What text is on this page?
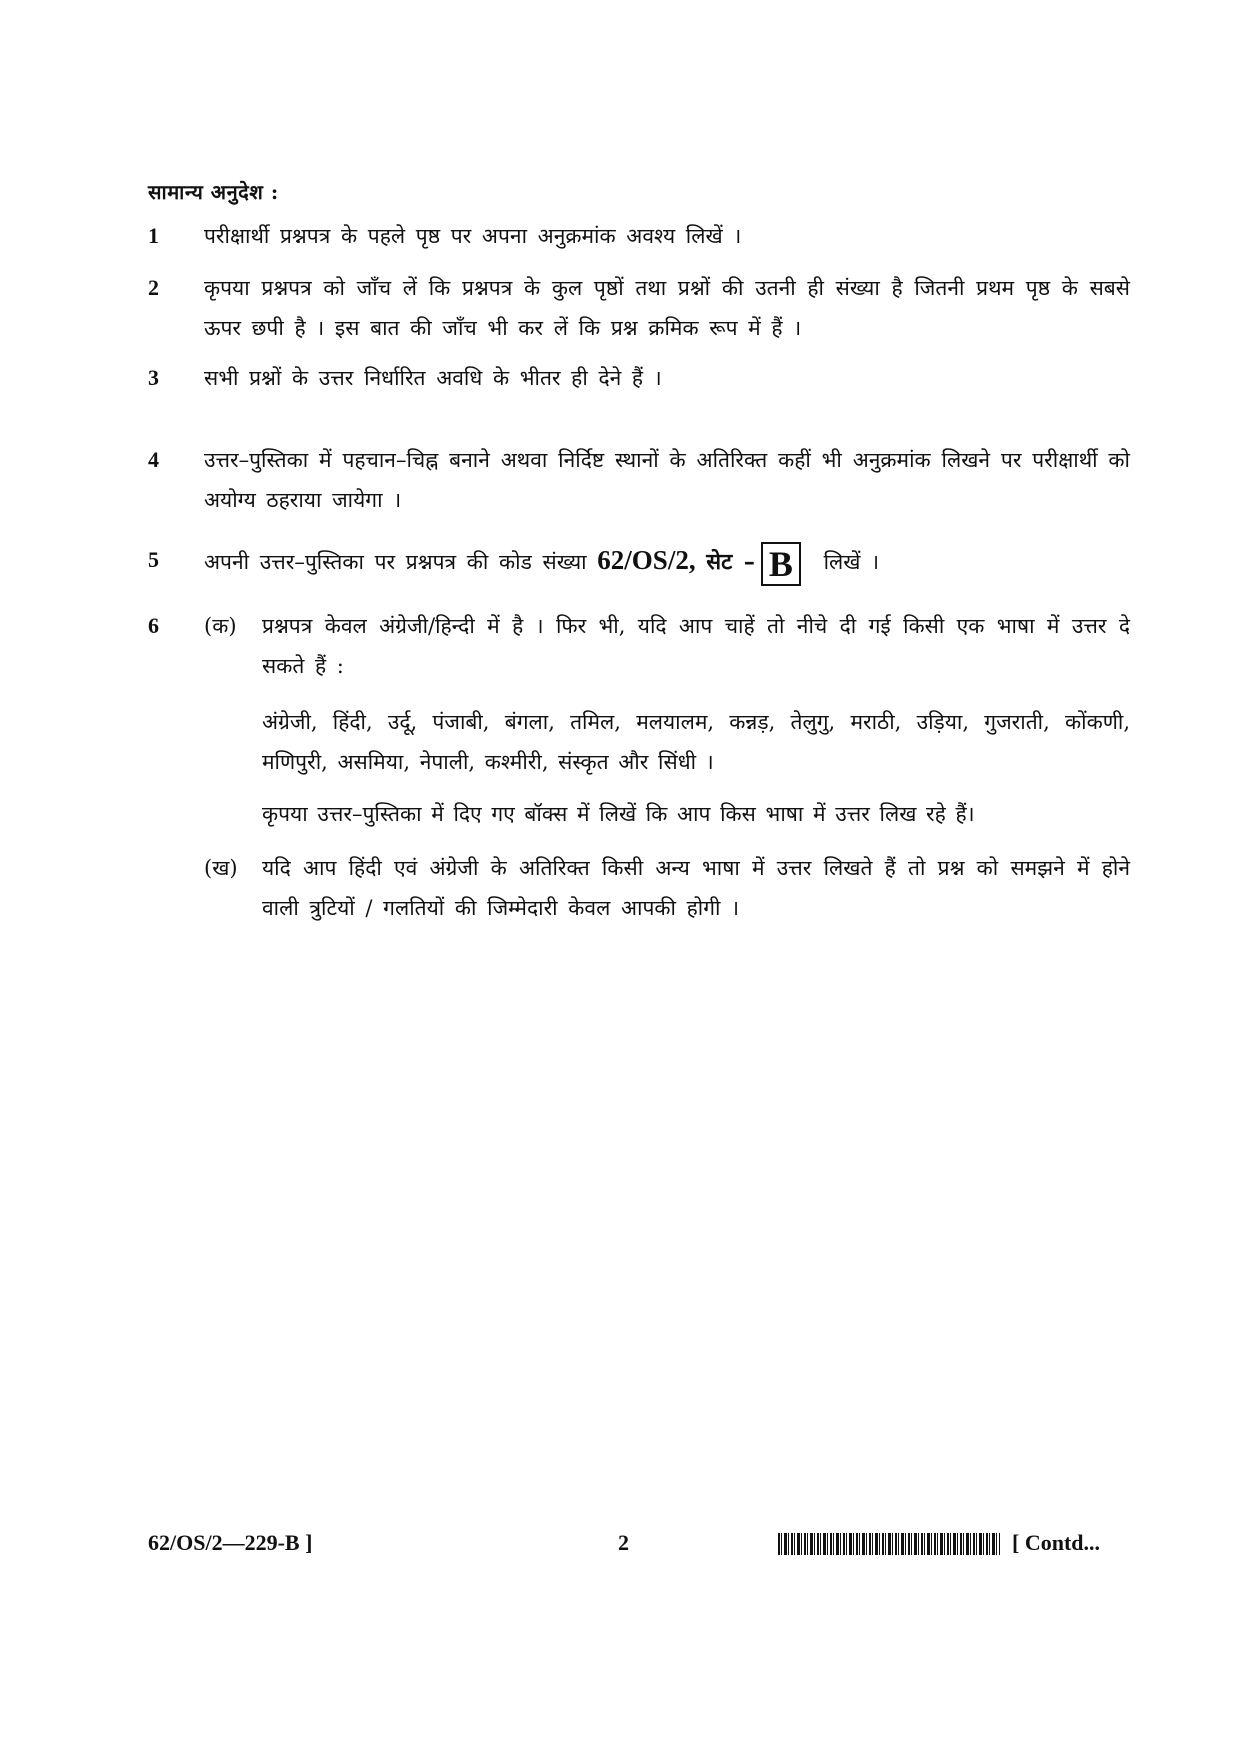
सामान्य अनुदेश :
1	परीक्षार्थी प्रश्नपत्र के पहले पृष्ठ पर अपना अनुक्रमांक अवश्य लिखें ।
2	कृपया प्रश्नपत्र को जाँच लें कि प्रश्नपत्र के कुल पृष्ठों तथा प्रश्नों की उतनी ही संख्या है जितनी प्रथम पृष्ठ के सबसे ऊपर छपी है । इस बात की जाँच भी कर लें कि प्रश्न क्रमिक रूप में हैं ।
3	सभी प्रश्नों के उत्तर निर्धारित अवधि के भीतर ही देने हैं ।
4	उत्तर–पुस्तिका में पहचान–चिह्न बनाने अथवा निर्दिष्ट स्थानों के अतिरिक्त कहीं भी अनुक्रमांक लिखने पर परीक्षार्थी को अयोग्य ठहराया जायेगा ।
5	अपनी उत्तर–पुस्तिका पर प्रश्नपत्र की कोड संख्या 62/OS/2, सेट – B लिखें ।
6	(क)	प्रश्नपत्र केवल अंग्रेजी/हिन्दी में है । फिर भी, यदि आप चाहें तो नीचे दी गई किसी एक भाषा में उत्तर दे सकते हैं :
अंग्रेजी, हिंदी, उर्दू, पंजाबी, बंगला, तमिल, मलयालम, कन्नड़, तेलुगु, मराठी, उड़िया, गुजराती, कोंकणी, मणिपुरी, असमिया, नेपाली, कश्मीरी, संस्कृत और सिंधी ।
कृपया उत्तर–पुस्तिका में दिए गए बॉक्स में लिखें कि आप किस भाषा में उत्तर लिख रहे हैं।
(ख)	यदि आप हिंदी एवं अंग्रेजी के अतिरिक्त किसी अन्य भाषा में उत्तर लिखते हैं तो प्रश्न को समझने में होने वाली त्रुटियों / गलतियों की जिम्मेदारी केवल आपकी होगी ।
62/OS/2—229-B ]	2	[ Contd...
